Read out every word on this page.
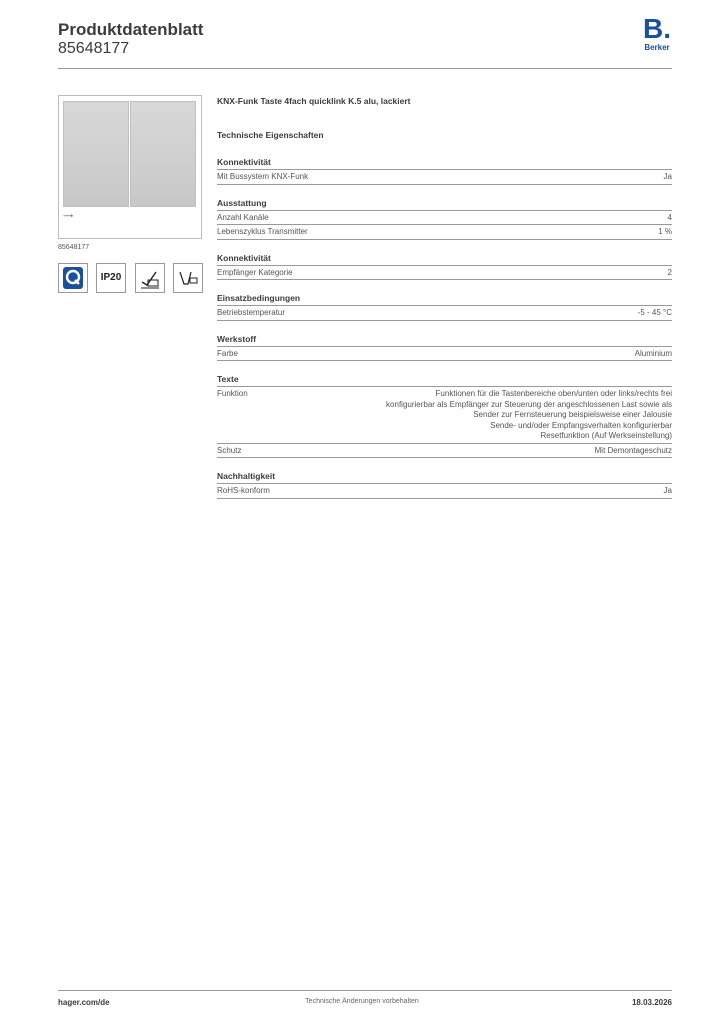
Produktdatenblatt
85648177
B.
Berker
⟶
85648177
IP20
KNX-Funk Taste 4fach quicklink K.5 alu, lackiert
Technische Eigenschaften
Konnektivität
Mit Bussystem KNX-Funk	Ja
Ausstattung
Anzahl Kanäle	4
Lebenszyklus Transmitter	1 %
Konnektivität
Empfänger Kategorie	2
Einsatzbedingungen
Betriebstemperatur	-5 - 45 °C
Werkstoff
Farbe	Aluminium
Texte
Funktion	Funktionen für die Tastenbereiche oben/unten oder links/rechts frei
konfigurierbar als Empfänger zur Steuerung der angeschlossenen Last sowie als
Sender zur Fernsteuerung beispielsweise einer Jalousie
Sende- und/oder Empfangsverhalten konfigurierbar
Resetfunktion (Auf Werkseinstellung)
Schutz	Mit Demontageschutz
Nachhaltigkeit
RoHS-konform	Ja
hager.com/de	Technische Änderungen vorbehalten	18.03.2026
